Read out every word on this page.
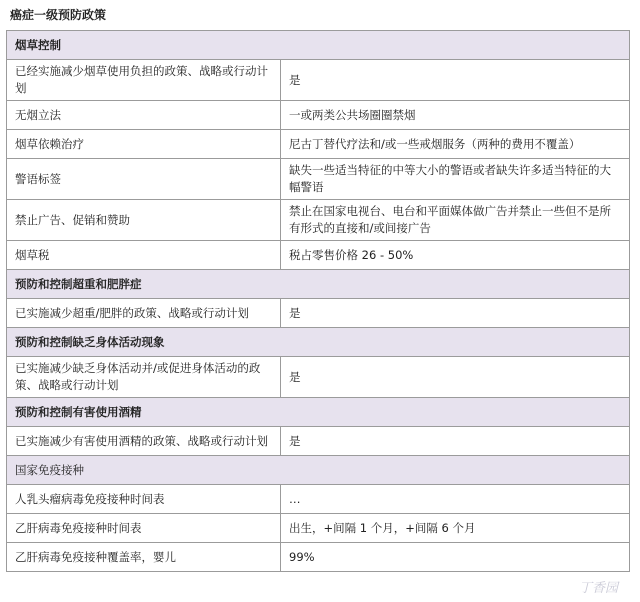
癌症一级预防政策
烟草控制	
已经实施减少烟草使用负担的政策、战略或行动计划	是
无烟立法	一或两类公共场圈圈禁烟
烟草依赖治疗	尼古丁替代疗法和/或一些戒烟服务（两种的费用不覆盖）
警语标签	缺失一些适当特征的中等大小的警语或者缺失许多适当特征的大幅警语
禁止广告、促销和赞助	禁止在国家电视台、电台和平面媒体做广告并禁止一些但不是所有形式的直接和/或间接广告
烟草税	税占零售价格 26 - 50%
预防和控制超重和肥胖症	
已实施减少超重/肥胖的政策、战略或行动计划	是
预防和控制缺乏身体活动现象	
已实施减少缺乏身体活动并/或促进身体活动的政策、战略或行动计划	是
预防和控制有害使用酒精	
已实施减少有害使用酒精的政策、战略或行动计划	是
国家免疫接种	
人乳头瘤病毒免疫接种时间表	…
乙肝病毒免疫接种时间表	出生，+间隔 1 个月，+间隔 6 个月
乙肝病毒免疫接种覆盖率，婴儿	99%
丁香园
